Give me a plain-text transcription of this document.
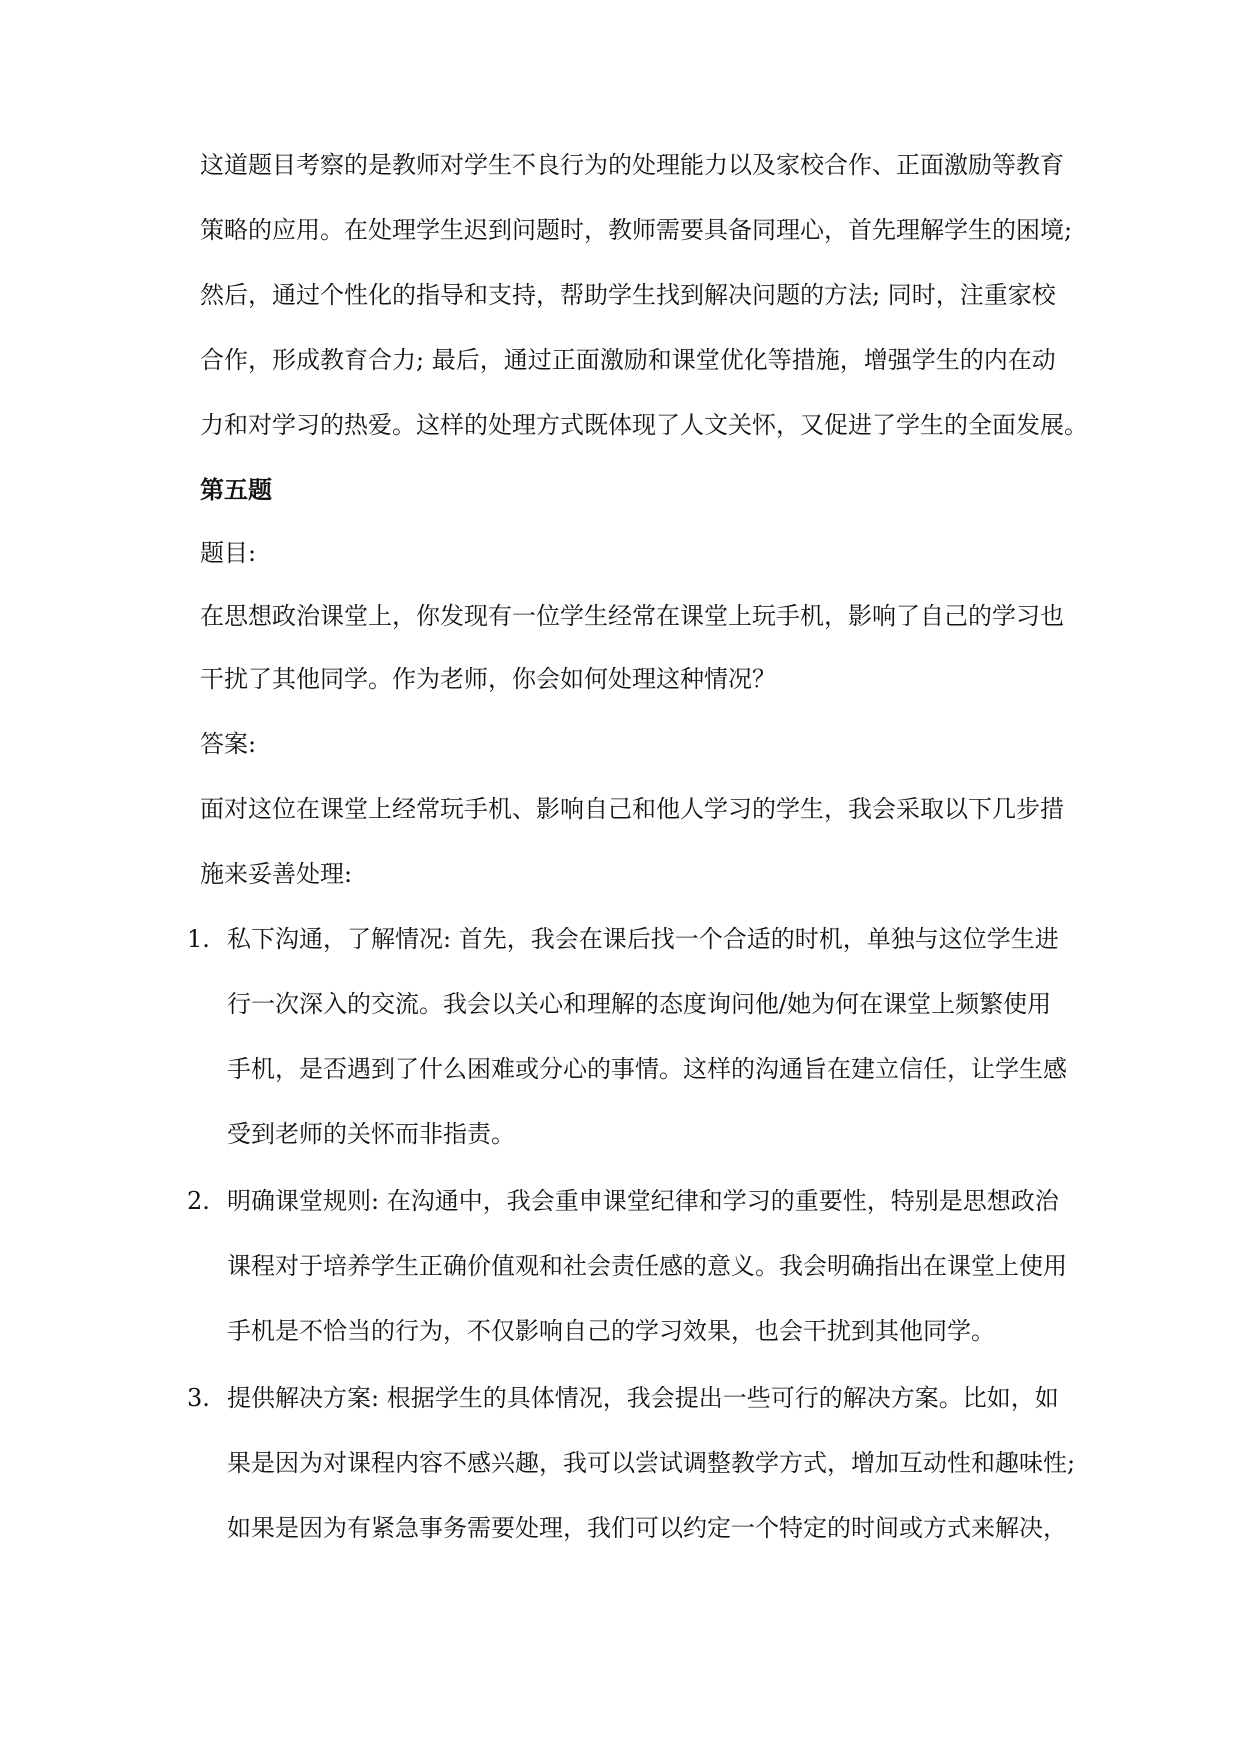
这道题目考察的是教师对学生不良行为的处理能力以及家校合作、正面激励等教育

策略的应用。在处理学生迟到问题时，教师需要具备同理心，首先理解学生的困境;

然后，通过个性化的指导和支持，帮助学生找到解决问题的方法; 同时，注重家校

合作，形成教育合力; 最后，通过正面激励和课堂优化等措施，增强学生的内在动

力和对学习的热爱。这样的处理方式既体现了人文关怀，又促进了学生的全面发展。

第五题

题目:

在思想政治课堂上，你发现有一位学生经常在课堂上玩手机，影响了自己的学习也

干扰了其他同学。作为老师，你会如何处理这种情况？

答案:

面对这位在课堂上经常玩手机、影响自己和他人学习的学生，我会采取以下几步措

施来妥善处理:

1. 私下沟通，了解情况: 首先，我会在课后找一个合适的时机，单独与这位学生进

行一次深入的交流。我会以关心和理解的态度询问他/她为何在课堂上频繁使用

手机，是否遇到了什么困难或分心的事情。这样的沟通旨在建立信任，让学生感

受到老师的关怀而非指责。

2. 明确课堂规则: 在沟通中，我会重申课堂纪律和学习的重要性，特别是思想政治

课程对于培养学生正确价值观和社会责任感的意义。我会明确指出在课堂上使用

手机是不恰当的行为，不仅影响自己的学习效果，也会干扰到其他同学。

3. 提供解决方案: 根据学生的具体情况，我会提出一些可行的解决方案。比如，如

果是因为对课程内容不感兴趣，我可以尝试调整教学方式，增加互动性和趣味性;

如果是因为有紧急事务需要处理，我们可以约定一个特定的时间或方式来解决，
